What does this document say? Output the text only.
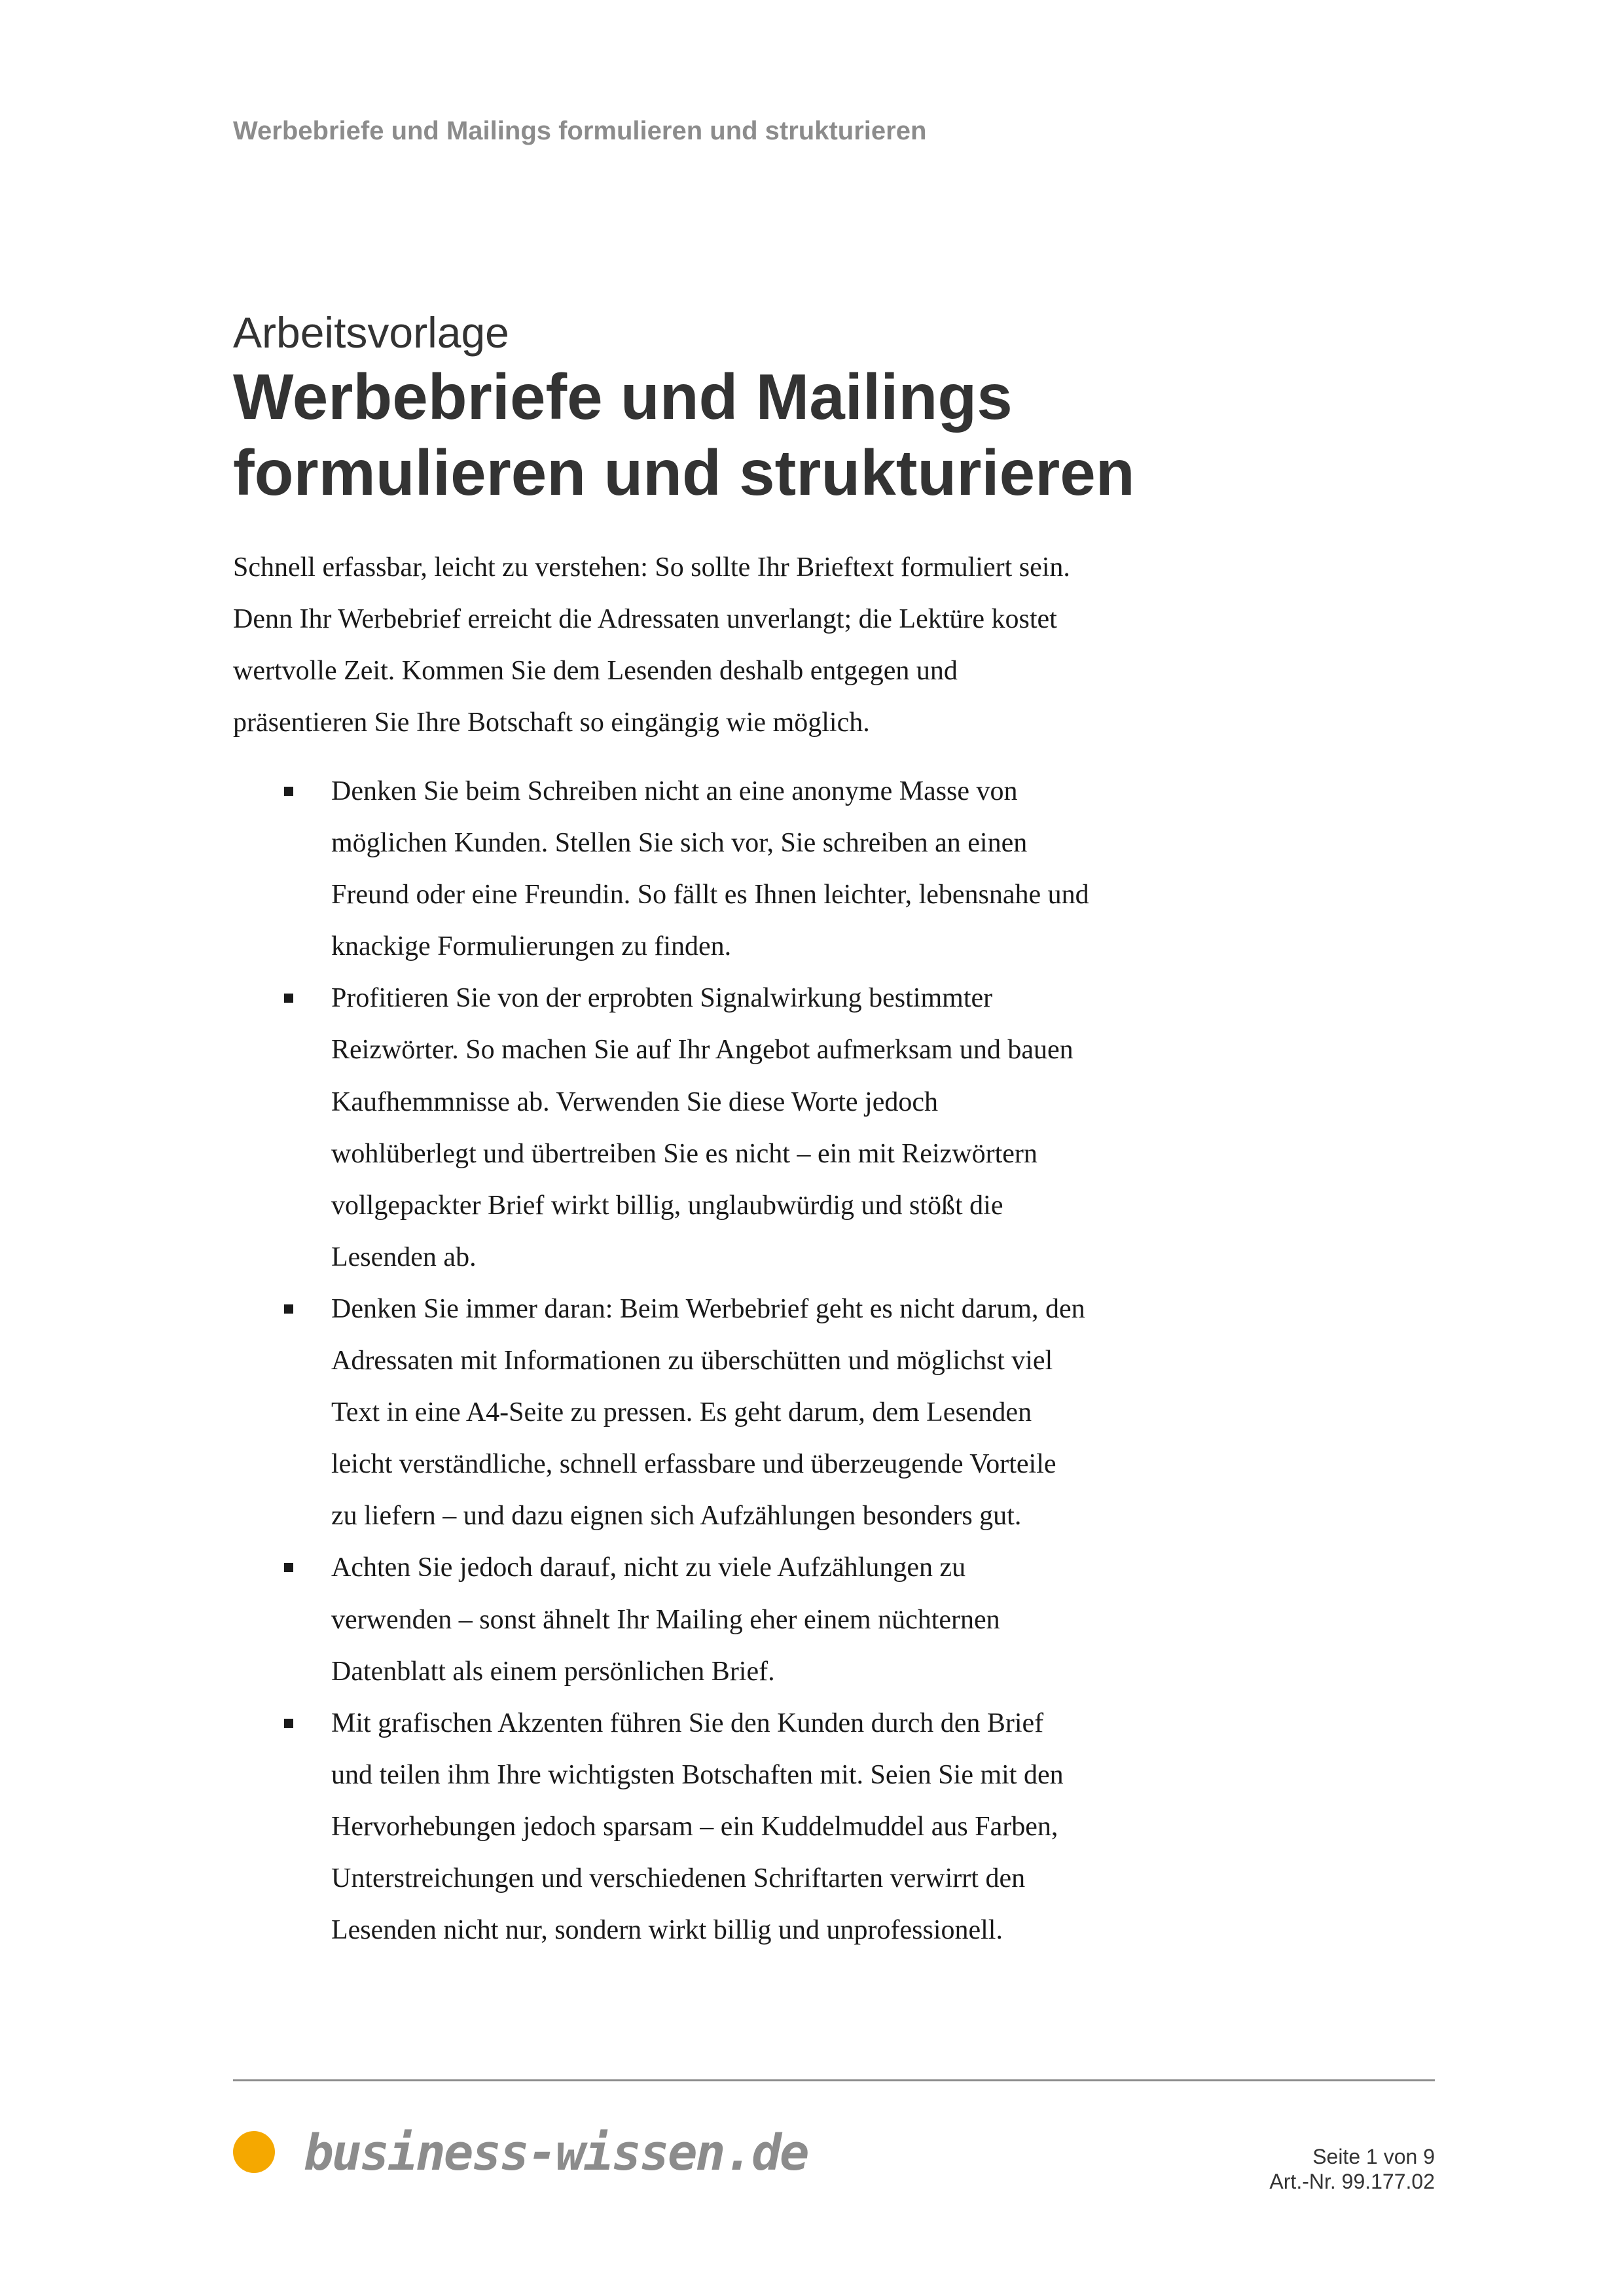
Werbebriefe und Mailings formulieren und strukturieren
Arbeitsvorlage
Werbebriefe und Mailings
formulieren und strukturieren

Schnell erfassbar, leicht zu verstehen: So sollte Ihr Brieftext formuliert sein.
Denn Ihr Werbebrief erreicht die Adressaten unverlangt; die Lektüre kostet
wertvolle Zeit. Kommen Sie dem Lesenden deshalb entgegen und
präsentieren Sie Ihre Botschaft so eingängig wie möglich.

Denken Sie beim Schreiben nicht an eine anonyme Masse von
möglichen Kunden. Stellen Sie sich vor, Sie schreiben an einen
Freund oder eine Freundin. So fällt es Ihnen leichter, lebensnahe und
knackige Formulierungen zu finden.
Profitieren Sie von der erprobten Signalwirkung bestimmter
Reizwörter. So machen Sie auf Ihr Angebot aufmerksam und bauen
Kaufhemmnisse ab. Verwenden Sie diese Worte jedoch
wohlüberlegt und übertreiben Sie es nicht – ein mit Reizwörtern
vollgepackter Brief wirkt billig, unglaubwürdig und stößt die
Lesenden ab.
Denken Sie immer daran: Beim Werbebrief geht es nicht darum, den
Adressaten mit Informationen zu überschütten und möglichst viel
Text in eine A4-Seite zu pressen. Es geht darum, dem Lesenden
leicht verständliche, schnell erfassbare und überzeugende Vorteile
zu liefern – und dazu eignen sich Aufzählungen besonders gut.
Achten Sie jedoch darauf, nicht zu viele Aufzählungen zu
verwenden – sonst ähnelt Ihr Mailing eher einem nüchternen
Datenblatt als einem persönlichen Brief.
Mit grafischen Akzenten führen Sie den Kunden durch den Brief
und teilen ihm Ihre wichtigsten Botschaften mit. Seien Sie mit den
Hervorhebungen jedoch sparsam – ein Kuddelmuddel aus Farben,
Unterstreichungen und verschiedenen Schriftarten verwirrt den
Lesenden nicht nur, sondern wirkt billig und unprofessionell.
business-wissen.de	Seite 1 von 9
Art.-Nr. 99.177.02
